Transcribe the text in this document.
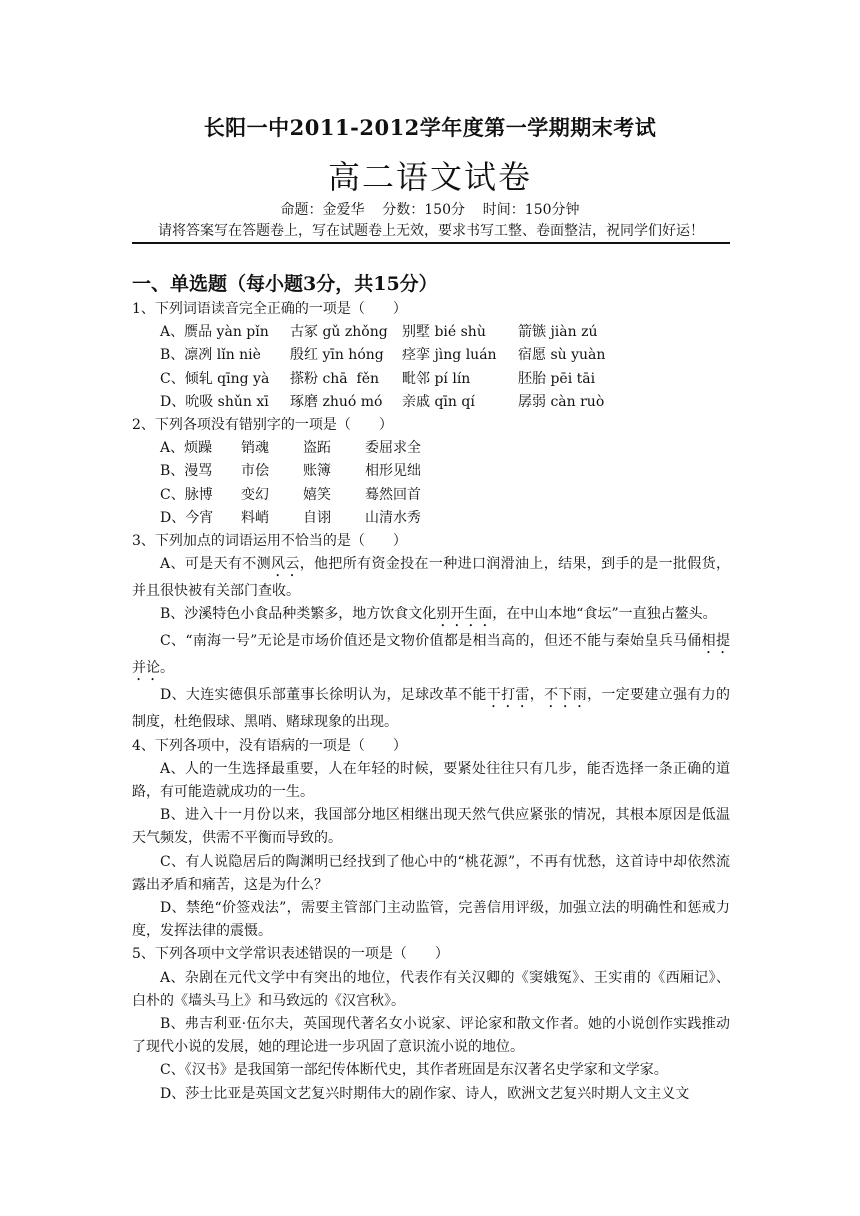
长阳一中2011-2012学年度第一学期期末考试
高二语文试卷
命题：金爱华    分数：150分    时间：150分钟
请将答案写在答题卷上，写在试题卷上无效，要求书写工整、卷面整洁，祝同学们好运！
一、单选题（每小题3分，共15分）

1、下列词语读音完全正确的一项是（　　）

A、赝品 yàn pǐn 古冢 gǔ zhǒng 别墅 bié shù 箭镞 jiàn zú

B、凛冽 lǐn niè 殷红 yīn hóng 痉挛 jìng luán 宿愿 sù yuàn

C、倾轧 qīng yà 搽粉 chā  fěn 毗邻 pí lín	胚胎 pēi tāi

D、吮吸 shǔn xī 琢磨 zhuó mó 亲戚 qīn qí	孱弱 càn ruò

2、下列各项没有错别字的一项是（　　）

A、烦躁 销魂 盗跖 委屈求全

B、漫骂 市侩 账簿 相形见绌

C、脉博 变幻 嬉笑 蓦然回首

D、今宵 料峭 自诩 山清水秀

3、下列加点的词语运用不恰当的是（　　）

A、可是天有不测风云，他把所有资金投在一种进口润滑油上，结果，到手的是一批假货，并且很快被有关部门查收。

B、沙溪特色小食品种类繁多，地方饮食文化别开生面，在中山本地“食坛”一直独占鳌头。

C、“南海一号”无论是市场价值还是文物价值都是相当高的，但还不能与秦始皇兵马俑相提并论。

D、大连实德俱乐部董事长徐明认为，足球改革不能干打雷，不下雨，一定要建立强有力的制度，杜绝假球、黑哨、赌球现象的出现。

4、下列各项中，没有语病的一项是（　　）

A、人的一生选择最重要，人在年轻的时候，要紧处往往只有几步，能否选择一条正确的道路，有可能造就成功的一生。

B、进入十一月份以来，我国部分地区相继出现天然气供应紧张的情况，其根本原因是低温天气频发，供需不平衡而导致的。

C、有人说隐居后的陶渊明已经找到了他心中的“桃花源”，不再有忧愁，这首诗中却依然流露出矛盾和痛苦，这是为什么？

D、禁绝“价签戏法”，需要主管部门主动监管，完善信用评级，加强立法的明确性和惩戒力度，发挥法律的震慑。

5、下列各项中文学常识表述错误的一项是（　　）

A、杂剧在元代文学中有突出的地位，代表作有关汉卿的《窦娥冤》、王实甫的《西厢记》、白朴的《墙头马上》和马致远的《汉宫秋》。

B、弗吉利亚·伍尔夫，英国现代著名女小说家、评论家和散文作者。她的小说创作实践推动了现代小说的发展，她的理论进一步巩固了意识流小说的地位。

C、《汉书》是我国第一部纪传体断代史，其作者班固是东汉著名史学家和文学家。

D、莎士比亚是英国文艺复兴时期伟大的剧作家、诗人，欧洲文艺复兴时期人文主义文
